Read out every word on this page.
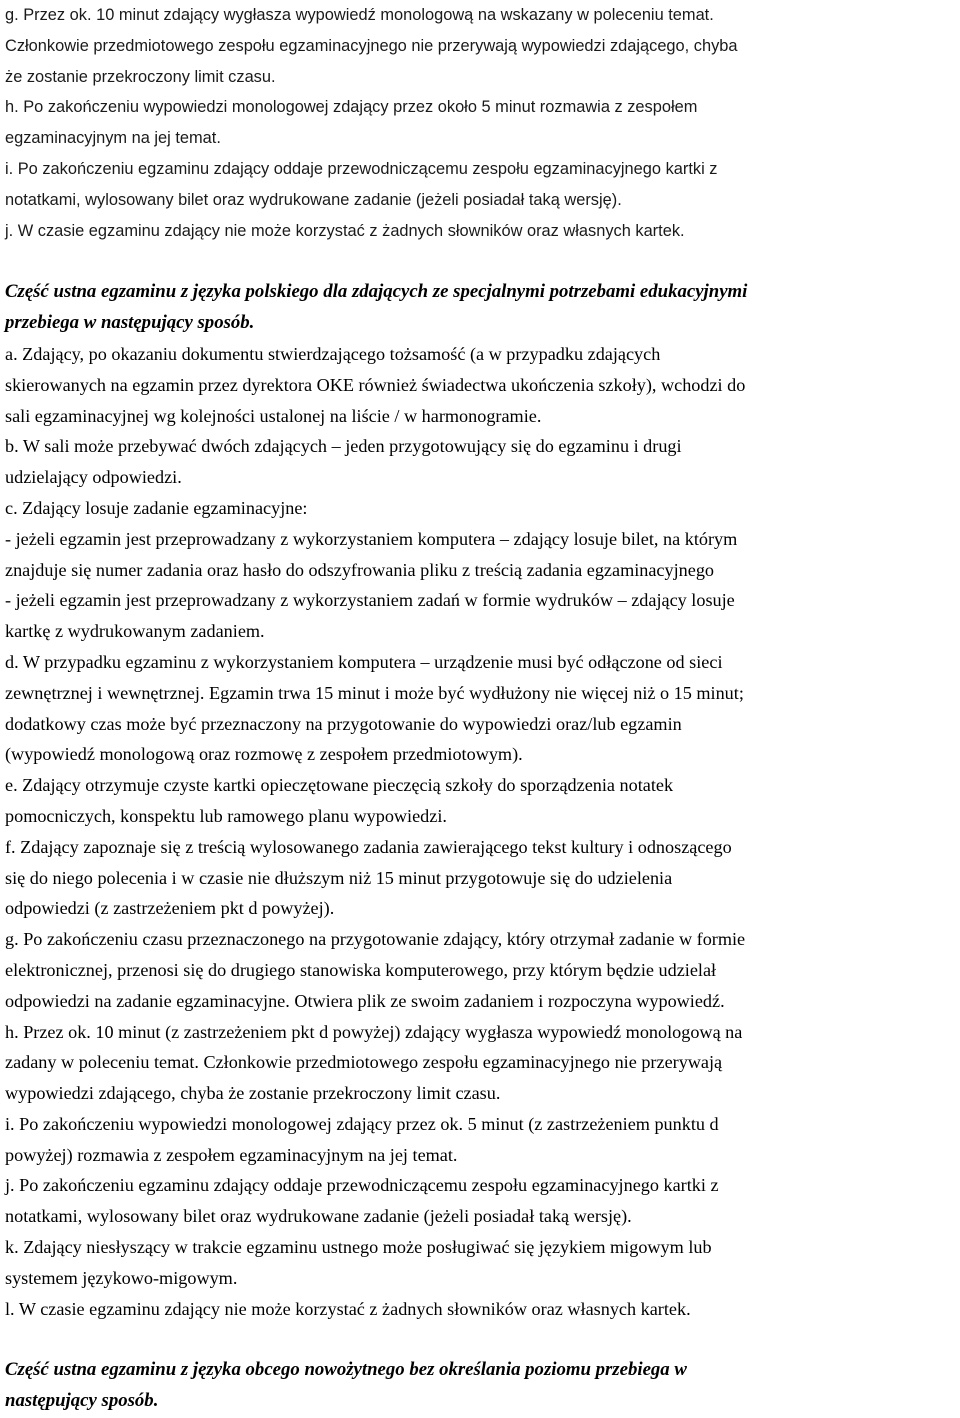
g. Przez ok. 10 minut zdający wygłasza wypowiedź monologową na wskazany w poleceniu temat.
Członkowie przedmiotowego zespołu egzaminacyjnego nie przerywają wypowiedzi zdającego, chyba
że zostanie przekroczony limit czasu.
h. Po zakończeniu wypowiedzi monologowej zdający przez około 5 minut rozmawia z zespołem
egzaminacyjnym na jej temat.
i. Po zakończeniu egzaminu zdający oddaje przewodniczącemu zespołu egzaminacyjnego kartki z
notatkami, wylosowany bilet oraz wydrukowane zadanie (jeżeli posiadał taką wersję).
j. W czasie egzaminu zdający nie może korzystać z żadnych słowników oraz własnych kartek.
Część ustna egzaminu z języka polskiego dla zdających ze specjalnymi potrzebami edukacyjnymi
przebiega w następujący sposób.
a. Zdający, po okazaniu dokumentu stwierdzającego tożsamość (a w przypadku zdających
skierowanych na egzamin przez dyrektora OKE również świadectwa ukończenia szkoły), wchodzi do
sali egzaminacyjnej wg kolejności ustalonej na liście / w harmonogramie.
b. W sali może przebywać dwóch zdających – jeden przygotowujący się do egzaminu i drugi
udzielający odpowiedzi.
c. Zdający losuje zadanie egzaminacyjne:
- jeżeli egzamin jest przeprowadzany z wykorzystaniem komputera – zdający losuje bilet, na którym
znajduje się numer zadania oraz hasło do odszyfrowania pliku z treścią zadania egzaminacyjnego
- jeżeli egzamin jest przeprowadzany z wykorzystaniem zadań w formie wydruków – zdający losuje
kartkę z wydrukowanym zadaniem.
d. W przypadku egzaminu z wykorzystaniem komputera – urządzenie musi być odłączone od sieci
zewnętrznej i wewnętrznej. Egzamin trwa 15 minut i może być wydłużony nie więcej niż o 15 minut;
dodatkowy czas może być przeznaczony na przygotowanie do wypowiedzi oraz/lub egzamin
(wypowiedź monologową oraz rozmowę z zespołem przedmiotowym).
e. Zdający otrzymuje czyste kartki opieczętowane pieczęcią szkoły do sporządzenia notatek
pomocniczych, konspektu lub ramowego planu wypowiedzi.
f. Zdający zapoznaje się z treścią wylosowanego zadania zawierającego tekst kultury i odnoszącego
się do niego polecenia i w czasie nie dłuższym niż 15 minut przygotowuje się do udzielenia
odpowiedzi (z zastrzeżeniem pkt d powyżej).
g. Po zakończeniu czasu przeznaczonego na przygotowanie zdający, który otrzymał zadanie w formie
elektronicznej, przenosi się do drugiego stanowiska komputerowego, przy którym będzie udzielał
odpowiedzi na zadanie egzaminacyjne. Otwiera plik ze swoim zadaniem i rozpoczyna wypowiedź.
h. Przez ok. 10 minut (z zastrzeżeniem pkt d powyżej) zdający wygłasza wypowiedź monologową na
zadany w poleceniu temat. Członkowie przedmiotowego zespołu egzaminacyjnego nie przerywają
wypowiedzi zdającego, chyba że zostanie przekroczony limit czasu.
i. Po zakończeniu wypowiedzi monologowej zdający przez ok. 5 minut (z zastrzeżeniem punktu d
powyżej) rozmawia z zespołem egzaminacyjnym na jej temat.
j. Po zakończeniu egzaminu zdający oddaje przewodniczącemu zespołu egzaminacyjnego kartki z
notatkami, wylosowany bilet oraz wydrukowane zadanie (jeżeli posiadał taką wersję).
k. Zdający niesłyszący w trakcie egzaminu ustnego może posługiwać się językiem migowym lub
systemem językowo-migowym.
l. W czasie egzaminu zdający nie może korzystać z żadnych słowników oraz własnych kartek.
Część ustna egzaminu z języka obcego nowożytnego bez określania poziomu przebiega w
następujący sposób.
